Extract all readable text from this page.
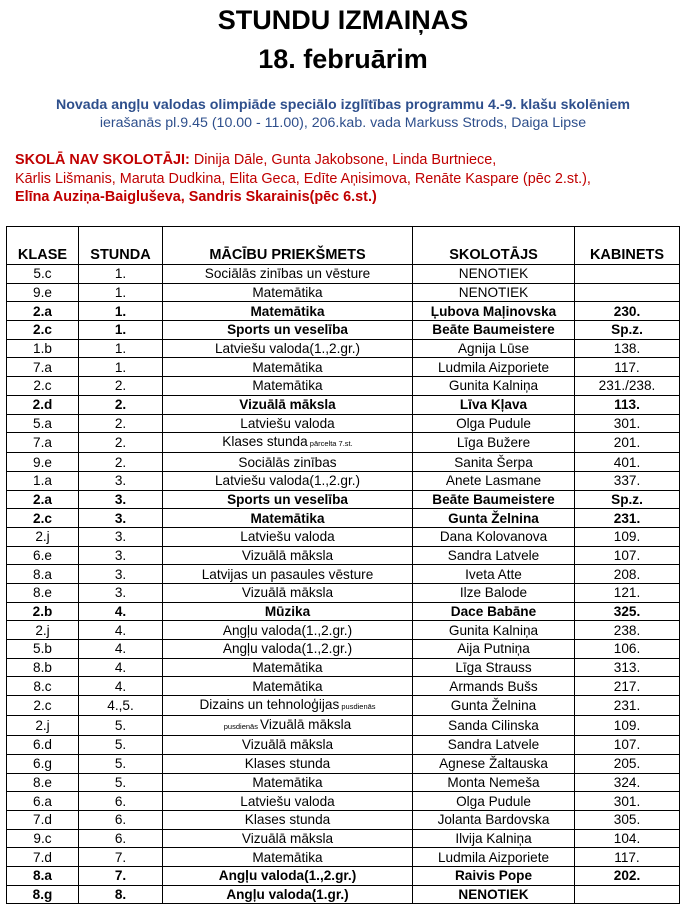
STUNDU IZMAIŅAS
18. februārim
Novada angļu valodas olimpiāde speciālo izglītības programmu 4.-9. klašu skolēniem
ierašanās pl.9.45 (10.00 - 11.00), 206.kab. vada Markuss Strods, Daiga Lipse
SKOLĀ NAV SKOLOTĀJI: Dinija Dāle, Gunta Jakobsone, Linda Burtniece,
Kārlis Lišmanis, Maruta Dudkina, Elita Geca, Edīte Aņisimova, Renāte Kaspare (pēc 2.st.),
Elīna Auziņa-Baigluševa, Sandris Skarainis(pēc 6.st.)
KLASE	STUNDA	MĀCĪBU PRIEKŠMETS	SKOLOTĀJS	KABINETS
5.c	1.	Sociālās zinības un vēsture	NENOTIEK	
9.e	1.	Matemātika	NENOTIEK	
2.a	1.	Matemātika	Ļubova Maļinovska	230.
2.c	1.	Sports un veselība	Beāte Baumeistere	Sp.z.
1.b	1.	Latviešu valoda(1.,2.gr.)	Agnija Lūse	138.
7.a	1.	Matemātika	Ludmila Aizporiete	117.
2.c	2.	Matemātika	Gunita Kalniņa	231./238.
2.d	2.	Vizuālā māksla	Līva Kļava	113.
5.a	2.	Latviešu valoda	Olga Pudule	301.
7.a	2.	Klases stunda pārcelta 7.st.	Līga Bužere	201.
9.e	2.	Sociālās zinības	Sanita Šerpa	401.
1.a	3.	Latviešu valoda(1.,2.gr.)	Anete Lasmane	337.
2.a	3.	Sports un veselība	Beāte Baumeistere	Sp.z.
2.c	3.	Matemātika	Gunta Želnina	231.
2.j	3.	Latviešu valoda	Dana Kolovanova	109.
6.e	3.	Vizuālā māksla	Sandra Latvele	107.
8.a	3.	Latvijas un pasaules vēsture	Iveta Atte	208.
8.e	3.	Vizuālā māksla	Ilze Balode	121.
2.b	4.	Mūzika	Dace Babāne	325.
2.j	4.	Angļu valoda(1.,2.gr.)	Gunita Kalniņa	238.
5.b	4.	Angļu valoda(1.,2.gr.)	Aija Putniņa	106.
8.b	4.	Matemātika	Līga Strauss	313.
8.c	4.	Matemātika	Armands Bušs	217.
2.c	4.,5.	Dizains un tehnoloģijas pusdienās	Gunta Želnina	231.
2.j	5.	pusdienās Vizuālā māksla	Sanda Cilinska	109.
6.d	5.	Vizuālā māksla	Sandra Latvele	107.
6.g	5.	Klases stunda	Agnese Žaltauska	205.
8.e	5.	Matemātika	Monta Nemeša	324.
6.a	6.	Latviešu valoda	Olga Pudule	301.
7.d	6.	Klases stunda	Jolanta Bardovska	305.
9.c	6.	Vizuālā māksla	Ilvija Kalniņa	104.
7.d	7.	Matemātika	Ludmila Aizporiete	117.
8.a	7.	Angļu valoda(1.,2.gr.)	Raivis Pope	202.
8.g	8.	Angļu valoda(1.gr.)	NENOTIEK	
